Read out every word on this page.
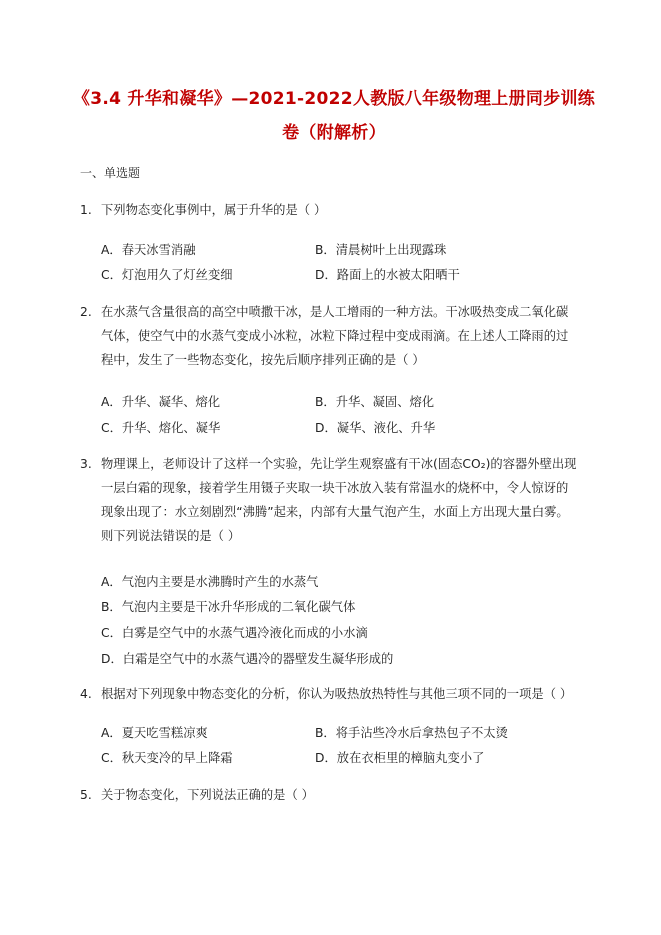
《3.4 升华和凝华》—2021-2022人教版八年级物理上册同步训练卷（附解析）
一、单选题
1. 下列物态变化事例中，属于升华的是（ ）
A．春天冰雪消融	B．清晨树叶上出现露珠
C．灯泡用久了灯丝变细	D．路面上的水被太阳晒干
2. 在水蒸气含量很高的高空中喷撒干冰，是人工增雨的一种方法。干冰吸热变成二氧化碳气体，使空气中的水蒸气变成小冰粒，冰粒下降过程中变成雨滴。在上述人工降雨的过程中，发生了一些物态变化，按先后顺序排列正确的是（ ）
A．升华、凝华、熔化	B．升华、凝固、熔化
C．升华、熔化、凝华	D．凝华、液化、升华
3. 物理课上，老师设计了这样一个实验，先让学生观察盛有干冰(固态CO₂)的容器外壁出现一层白霜的现象，接着学生用镊子夹取一块干冰放入装有常温水的烧杯中，令人惊讶的现象出现了：水立刻剧烈“沸腾”起来，内部有大量气泡产生，水面上方出现大量白雾。则下列说法错误的是（ ）
A．气泡内主要是水沸腾时产生的水蒸气
B．气泡内主要是干冰升华形成的二氧化碳气体
C．白雾是空气中的水蒸气遇冷液化而成的小水滴
D．白霜是空气中的水蒸气遇冷的器壁发生凝华形成的
4. 根据对下列现象中物态变化的分析，你认为吸热放热特性与其他三项不同的一项是（ ）
A．夏天吃雪糕凉爽	B．将手沾些冷水后拿热包子不太烫
C．秋天变冷的早上降霜	D．放在衣柜里的樟脑丸变小了
5. 关于物态变化，下列说法正确的是（ ）
